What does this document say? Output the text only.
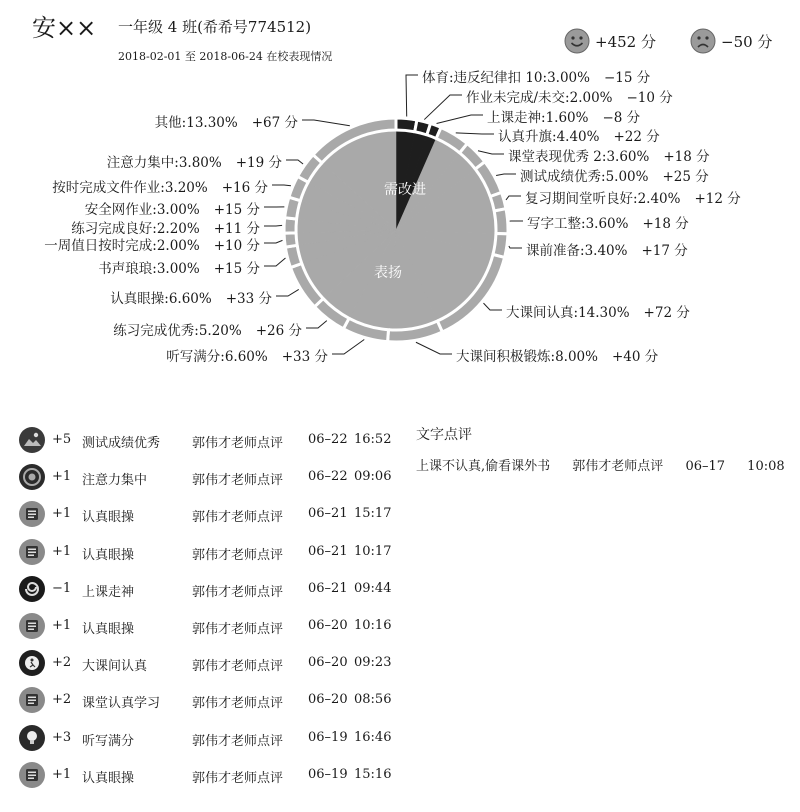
安×× 一年级 4 班(希希号774512)
2018-02-01 至 2018-06-24 在校表现情况
+452 分	−50 分
需改进
表扬
体育:违反纪律扣 10:3.00% −15 分
作业未完成/未交:2.00% −10 分
上课走神:1.60% −8 分
认真升旗:4.40% +22 分
课堂表现优秀 2:3.60% +18 分
测试成绩优秀:5.00% +25 分
复习期间堂听良好:2.40% +12 分
写字工整:3.60% +18 分
课前准备:3.40% +17 分
大课间认真:14.30% +72 分
大课间积极锻炼:8.00% +40 分
听写满分:6.60% +33 分
练习完成优秀:5.20% +26 分
认真眼操:6.60% +33 分
书声琅琅:3.00% +15 分
一周值日按时完成:2.00% +10 分
练习完成良好:2.20% +11 分
安全网作业:3.00% +15 分
按时完成文件作业:3.20% +16 分
注意力集中:3.80% +19 分
其他:13.30% +67 分
+5 测试成绩优秀 郭伟才老师点评 06–22 16:52
+1 注意力集中	郭伟才老师点评 06–22 09:06
+1 认真眼操	郭伟才老师点评 06–21 15:17
+1 认真眼操	郭伟才老师点评 06–21 10:17
−1 上课走神	郭伟才老师点评 06–21 09:44
+1 认真眼操	郭伟才老师点评 06–20 10:16
+2 大课间认真	郭伟才老师点评 06–20 09:23
+2 课堂认真学习 郭伟才老师点评 06–20 08:56
+3 听写满分	郭伟才老师点评 06–19 16:46
+1 认真眼操	郭伟才老师点评 06–19 15:16
文字点评
上课不认真,偷看课外书 郭伟才老师点评 06–17 10:08
